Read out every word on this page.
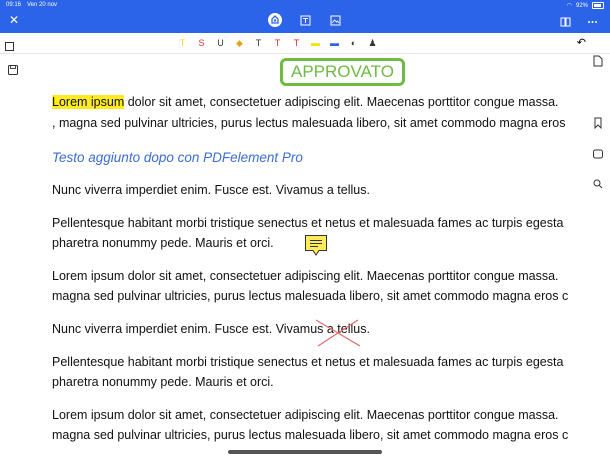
09:16 Ven 20 nov	◠ 92%
✕
T	S	U	◆	T	T	T	▬	▬	◐	♟	↶
Lorem ipsum dolor sit amet, consectetuer adipiscing elit. Maecenas porttitor congue massa.
, magna sed pulvinar ultricies, purus lectus malesuada libero, sit amet commodo magna eros
Testo aggiunto dopo con PDFelement Pro
Nunc viverra imperdiet enim. Fusce est. Vivamus a tellus.
Pellentesque habitant morbi tristique senectus et netus et malesuada fames ac turpis egesta
pharetra nonummy pede. Mauris et orci.
Lorem ipsum dolor sit amet, consectetuer adipiscing elit. Maecenas porttitor congue massa.
magna sed pulvinar ultricies, purus lectus malesuada libero, sit amet commodo magna eros c
Nunc viverra imperdiet enim. Fusce est. Vivamus a tellus.
Pellentesque habitant morbi tristique senectus et netus et malesuada fames ac turpis egesta
pharetra nonummy pede. Mauris et orci.
Lorem ipsum dolor sit amet, consectetuer adipiscing elit. Maecenas porttitor congue massa.
magna sed pulvinar ultricies, purus lectus malesuada libero, sit amet commodo magna eros c
APPROVATO
